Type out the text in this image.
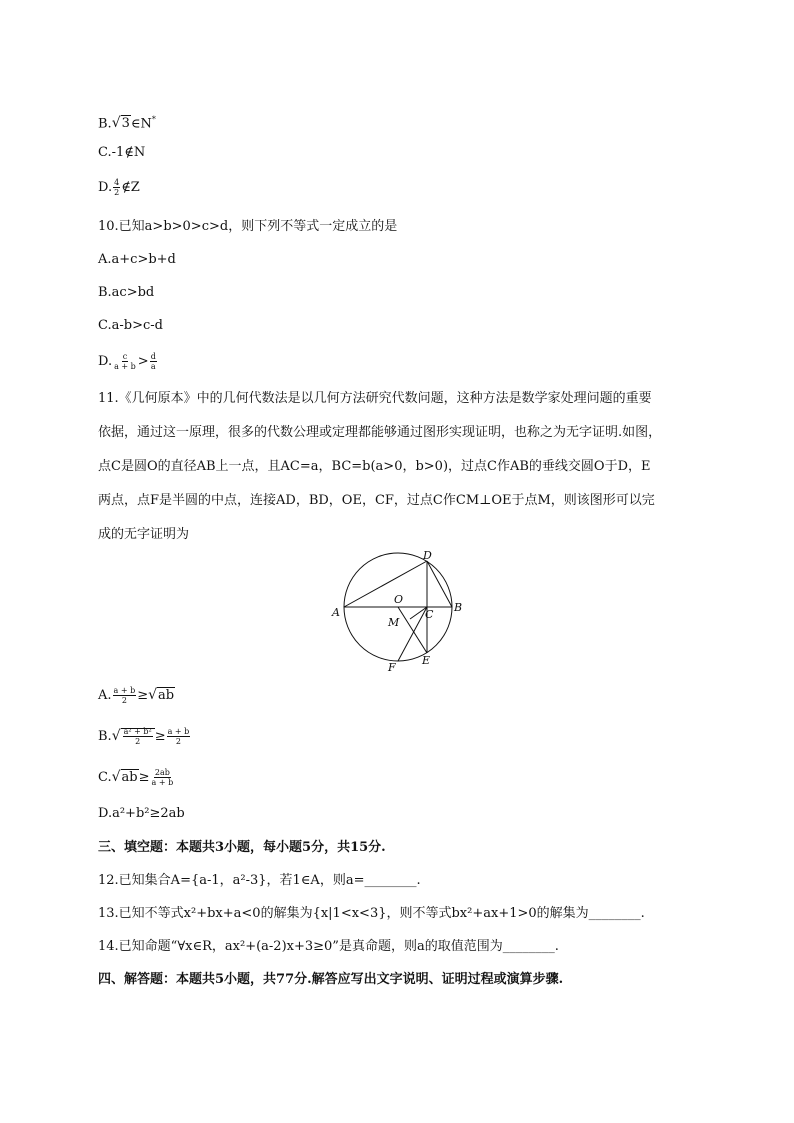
B.√3∈N*
C.-1∉N
D. $\frac{4}{2}$ ∉Z
10.已知a>b>0>c>d，则下列不等式一定成立的是
A.a+c>b+d
B.ac>bd
C.a-b>c-d
D. $\frac{c}{a + b} > \frac{d}{a}$
11.《几何原本》中的几何代数法是以几何方法研究代数问题，这种方法是数学家处理问题的重要
依据，通过这一原理，很多的代数公理或定理都能够通过图形实现证明，也称之为无字证明.如图，
点C是圆O的直径AB上一点，且AC=a，BC=b(a>0，b>0)，过点C作AB的垂线交圆O于D，E
两点，点F是半圆的中点，连接AD，BD，OE，CF，过点C作CM⊥OE于点M，则该图形可以完
成的无字证明为
D
A	B
O
C
M
E
F
A. $\frac{a + b}{2} \ge√ab$
$B.√ \frac{\text{a² + b²}}{2} \ge \frac{a + b}{2}$
$C.√ab\ge \frac{2ab}{a + b}$
D.a²+b²≥2ab
三、填空题：本题共3小题，每小题5分，共15分.
12.已知集合A={a-1，a²-3}，若1∈A，则a=________.
13.已知不等式x²+bx+a<0的解集为{x|1<x<3}，则不等式bx²+ax+1>0的解集为________.
14.已知命题“∀x∈R，ax²+(a-2)x+3≥0”是真命题，则a的取值范围为________.
四、解答题：本题共5小题，共77分.解答应写出文字说明、证明过程或演算步骤.
